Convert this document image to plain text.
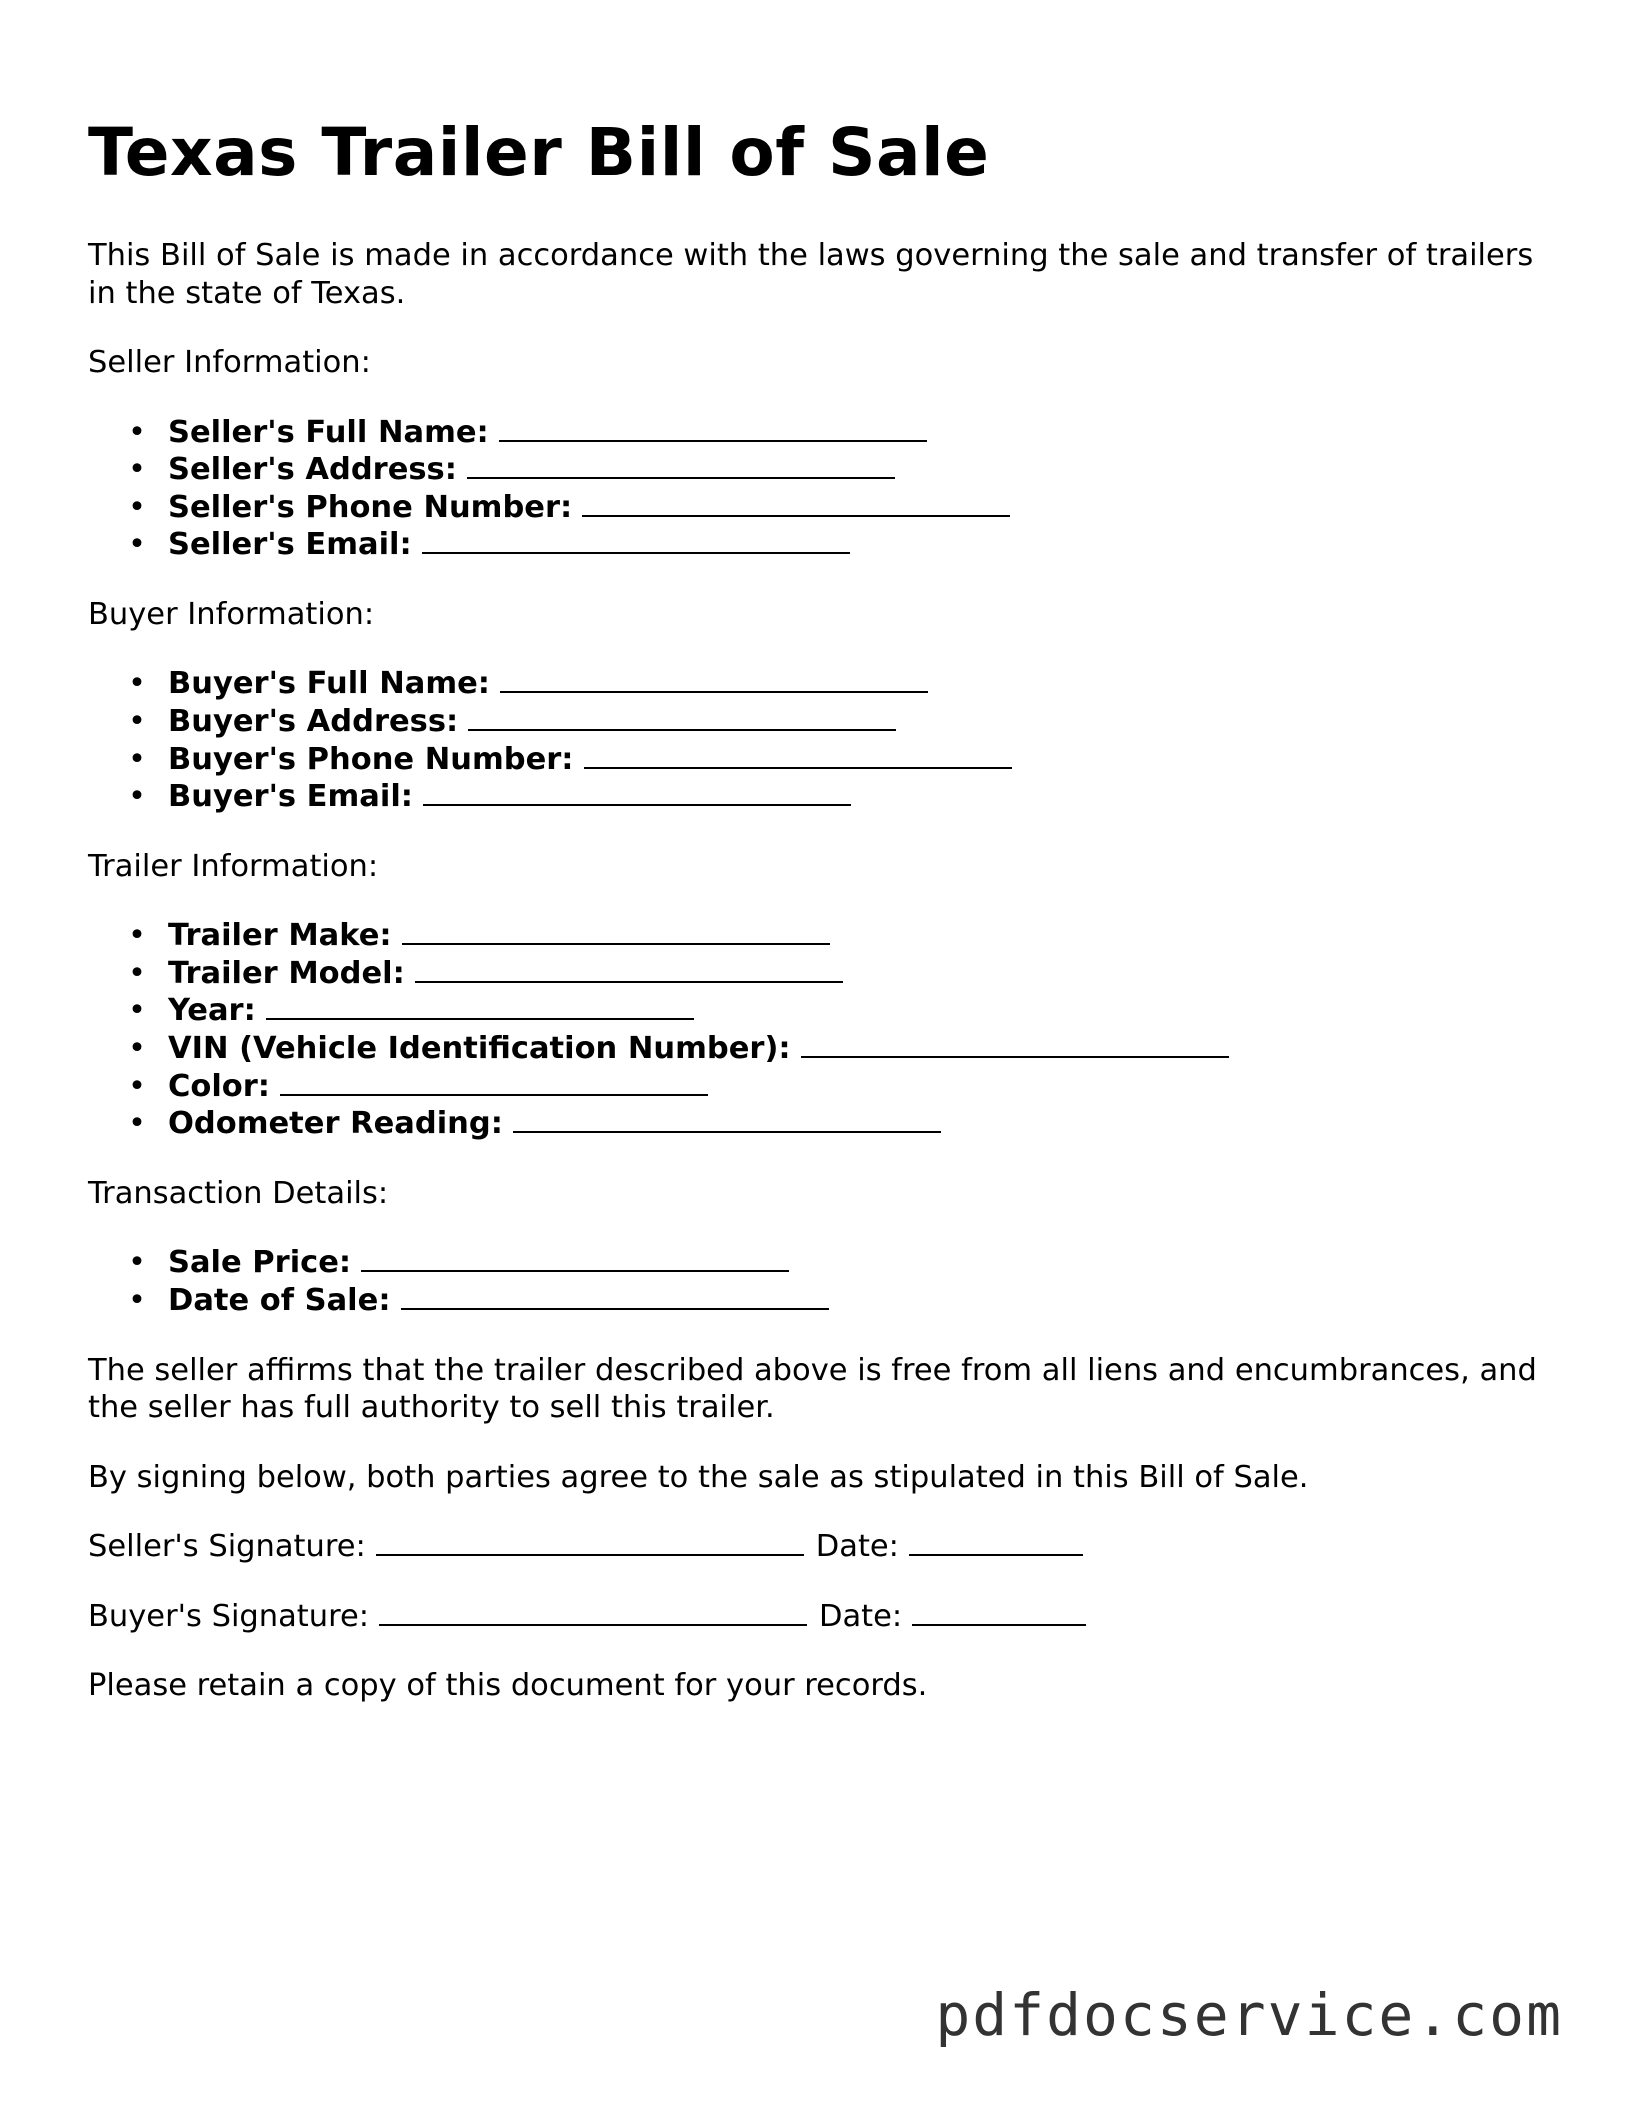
Texas Trailer Bill of Sale

This Bill of Sale is made in accordance with the laws governing the sale and transfer of trailers in the state of Texas.

Seller Information:

• Seller's Full Name:
• Seller's Address:
• Seller's Phone Number:
• Seller's Email:

Buyer Information:

• Buyer's Full Name:
• Buyer's Address:
• Buyer's Phone Number:
• Buyer's Email:

Trailer Information:

• Trailer Make:
• Trailer Model:
• Year:
• VIN (Vehicle Identification Number):
• Color:
• Odometer Reading:

Transaction Details:

• Sale Price:
• Date of Sale:

The seller affirms that the trailer described above is free from all liens and encumbrances, and the seller has full authority to sell this trailer.

By signing below, both parties agree to the sale as stipulated in this Bill of Sale.

Seller's Signature:	Date:
Buyer's Signature:	Date:

Please retain a copy of this document for your records.

pdfdocservice.com
